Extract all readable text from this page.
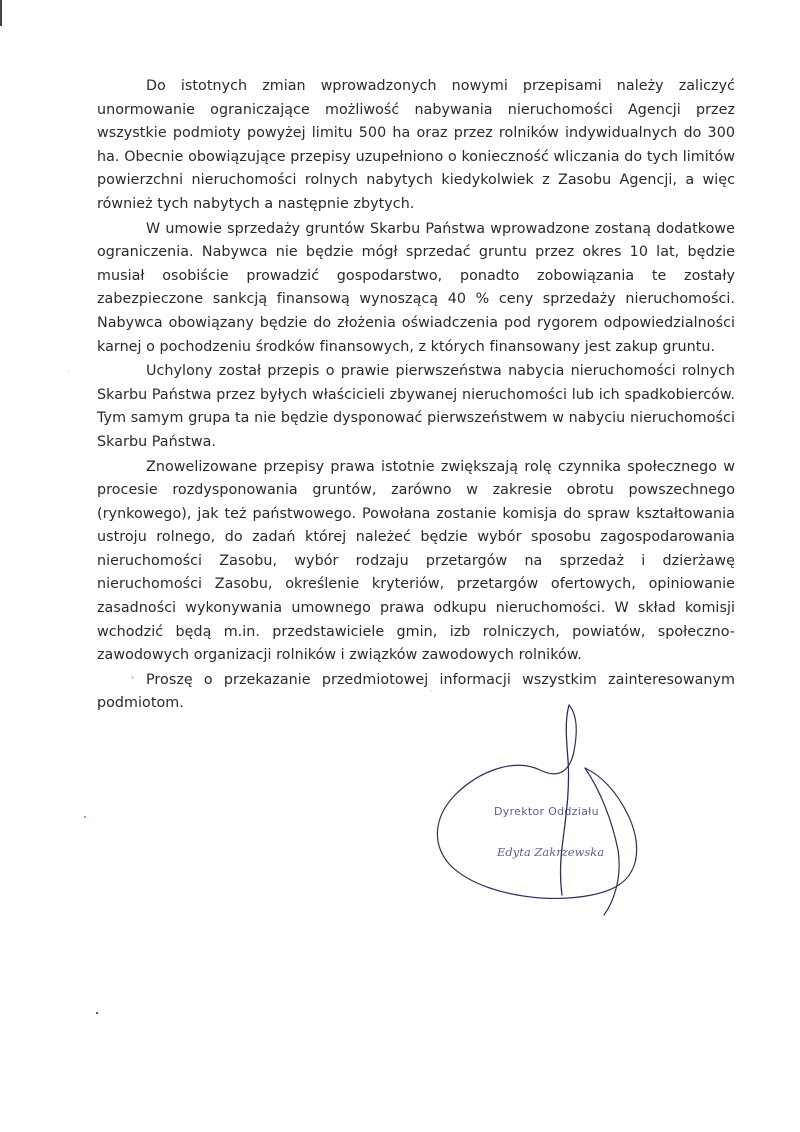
Do istotnych zmian wprowadzonych nowymi przepisami należy zaliczyć unormowanie ograniczające możliwość nabywania nieruchomości Agencji przez wszystkie podmioty powyżej limitu 500 ha oraz przez rolników indywidualnych do 300 ha. Obecnie obowiązujące przepisy uzupełniono o konieczność wliczania do tych limitów powierzchni nieruchomości rolnych nabytych kiedykolwiek z Zasobu Agencji, a więc również tych nabytych a następnie zbytych.

W umowie sprzedaży gruntów Skarbu Państwa wprowadzone zostaną dodatkowe ograniczenia. Nabywca nie będzie mógł sprzedać gruntu przez okres 10 lat, będzie musiał osobiście prowadzić gospodarstwo, ponadto zobowiązania te zostały zabezpieczone sankcją finansową wynoszącą 40 % ceny sprzedaży nieruchomości. Nabywca obowiązany będzie do złożenia oświadczenia pod rygorem odpowiedzialności karnej o pochodzeniu środków finansowych, z których finansowany jest zakup gruntu.

Uchylony został przepis o prawie pierwszeństwa nabycia nieruchomości rolnych Skarbu Państwa przez byłych właścicieli zbywanej nieruchomości lub ich spadkobierców. Tym samym grupa ta nie będzie dysponować pierwszeństwem w nabyciu nieruchomości Skarbu Państwa.

Znowelizowane przepisy prawa istotnie zwiększają rolę czynnika społecznego w procesie rozdysponowania gruntów, zarówno w zakresie obrotu powszechnego (rynkowego), jak też państwowego. Powołana zostanie komisja do spraw kształtowania ustroju rolnego, do zadań której należeć będzie wybór sposobu zagospodarowania nieruchomości Zasobu, wybór rodzaju przetargów na sprzedaż i dzierżawę nieruchomości Zasobu, określenie kryteriów, przetargów ofertowych, opiniowanie zasadności wykonywania umownego prawa odkupu nieruchomości. W skład komisji wchodzić będą m.in. przedstawiciele gmin, izb rolniczych, powiatów, społeczno-zawodowych organizacji rolników i związków zawodowych rolników.

Proszę o przekazanie przedmiotowej informacji wszystkim zainteresowanym podmiotom.

Dyrektor Oddziału
Edyta Zakrzewska
